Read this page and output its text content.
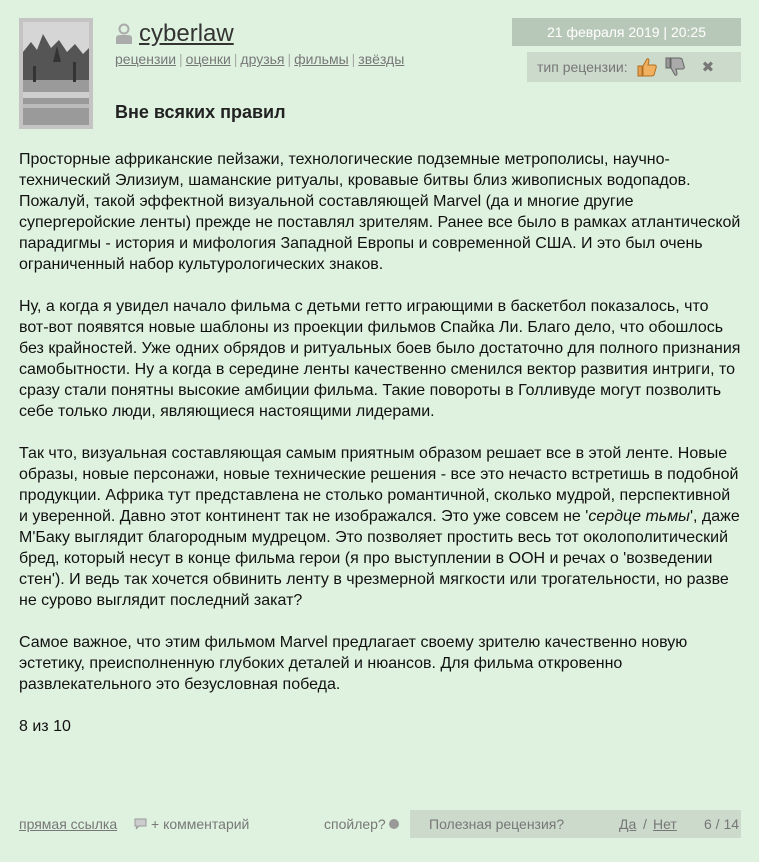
cyberlaw
рецензии | оценки | друзья | фильмы | звёзды
Вне всяких правил
21 февраля 2019 | 20:25
тип рецензии:	✖

Просторные африканские пейзажи, технологические подземные метрополисы, научно-технический Элизиум, шаманские ритуалы, кровавые битвы близ живописных водопадов. Пожалуй, такой эффектной визуальной составляющей Marvel (да и многие другие супергеройские ленты) прежде не поставлял зрителям. Ранее все было в рамках атлантической парадигмы - история и мифология Западной Европы и современной США. И это был очень ограниченный набор культурологических знаков.

Ну, а когда я увидел начало фильма с детьми гетто играющими в баскетбол показалось, что вот-вот появятся новые шаблоны из проекции фильмов Спайка Ли. Благо дело, что обошлось без крайностей. Уже одних обрядов и ритуальных боев было достаточно для полного признания самобытности. Ну а когда в середине ленты качественно сменился вектор развития интриги, то сразу стали понятны высокие амбиции фильма. Такие повороты в Голливуде могут позволить себе только люди, являющиеся настоящими лидерами.

Так что, визуальная составляющая самым приятным образом решает все в этой ленте. Новые образы, новые персонажи, новые технические решения - все это нечасто встретишь в подобной продукции. Африка тут представлена не столько романтичной, сколько мудрой, перспективной и уверенной. Давно этот континент так не изображался. Это уже совсем не 'сердце тьмы', даже М'Баку выглядит благородным мудрецом. Это позволяет простить весь тот околополитический бред, который несут в конце фильма герои (я про выступлении в ООН и речах о 'возведении стен'). И ведь так хочется обвинить ленту в чрезмерной мягкости или трогательности, но разве не сурово выглядит последний закат?

Самое важное, что этим фильмом Marvel предлагает своему зрителю качественно новую эстетику, преисполненную глубоких деталей и нюансов. Для фильма откровенно развлекательного это безусловная победа.

8 из 10

прямая ссылка + комментарий	спойлер?	Полезная рецензия?	Да / Нет 6 / 14
